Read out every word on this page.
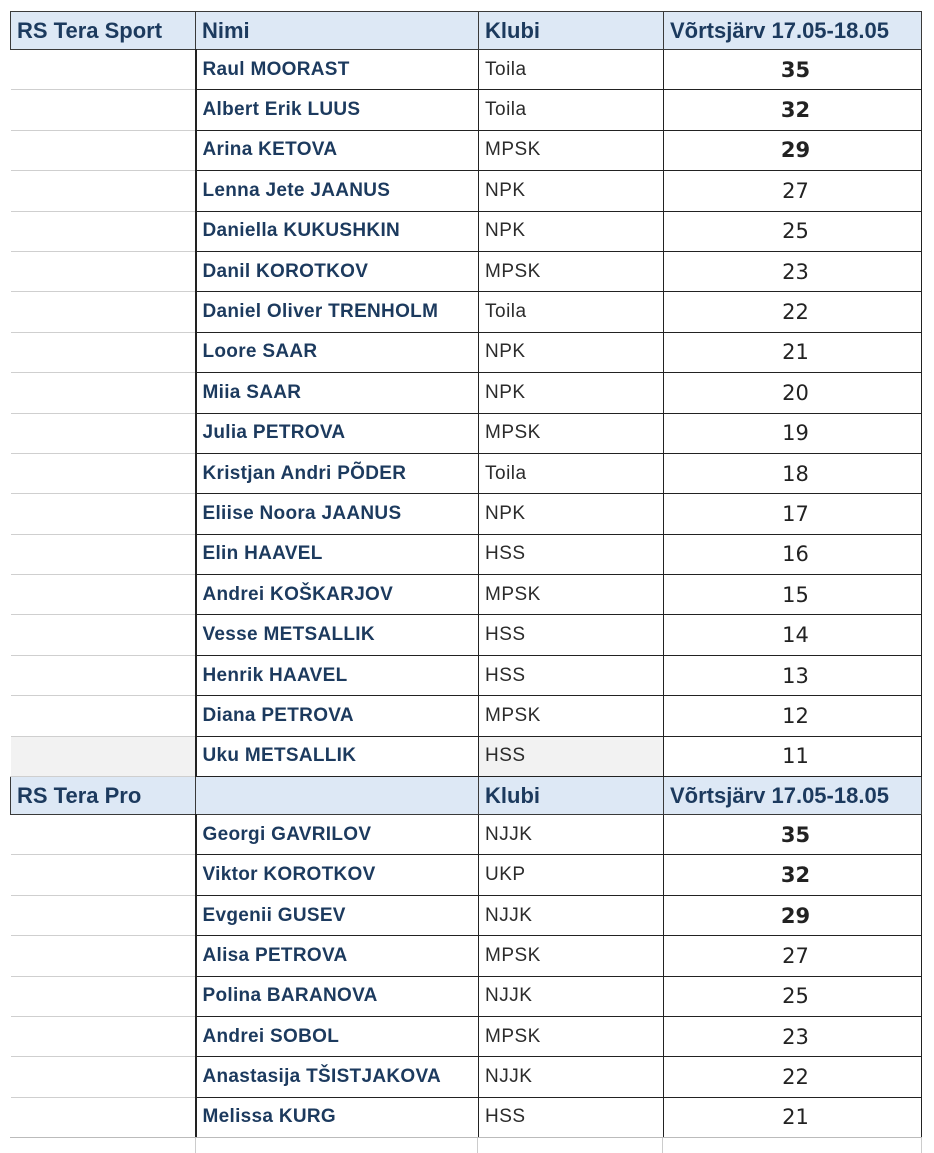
RS Tera Sport	Nimi	Klubi	Võrtsjärv 17.05-18.05
	Raul MOORAST	Toila	35
	Albert Erik LUUS	Toila	32
	Arina KETOVA	MPSK	29
	Lenna Jete JAANUS	NPK	27
	Daniella KUKUSHKIN	NPK	25
	Danil KOROTKOV	MPSK	23
	Daniel Oliver TRENHOLM	Toila	22
	Loore SAAR	NPK	21
	Miia SAAR	NPK	20
	Julia PETROVA	MPSK	19
	Kristjan Andri PÕDER	Toila	18
	Eliise Noora JAANUS	NPK	17
	Elin HAAVEL	HSS	16
	Andrei KOŠKARJOV	MPSK	15
	Vesse METSALLIK	HSS	14
	Henrik HAAVEL	HSS	13
	Diana PETROVA	MPSK	12
	Uku METSALLIK	HSS	11
RS Tera Pro		Klubi	Võrtsjärv 17.05-18.05
	Georgi GAVRILOV	NJJK	35
	Viktor KOROTKOV	UKP	32
	Evgenii GUSEV	NJJK	29
	Alisa PETROVA	MPSK	27
	Polina BARANOVA	NJJK	25
	Andrei SOBOL	MPSK	23
	Anastasija TŠISTJAKOVA	NJJK	22
	Melissa KURG	HSS	21
